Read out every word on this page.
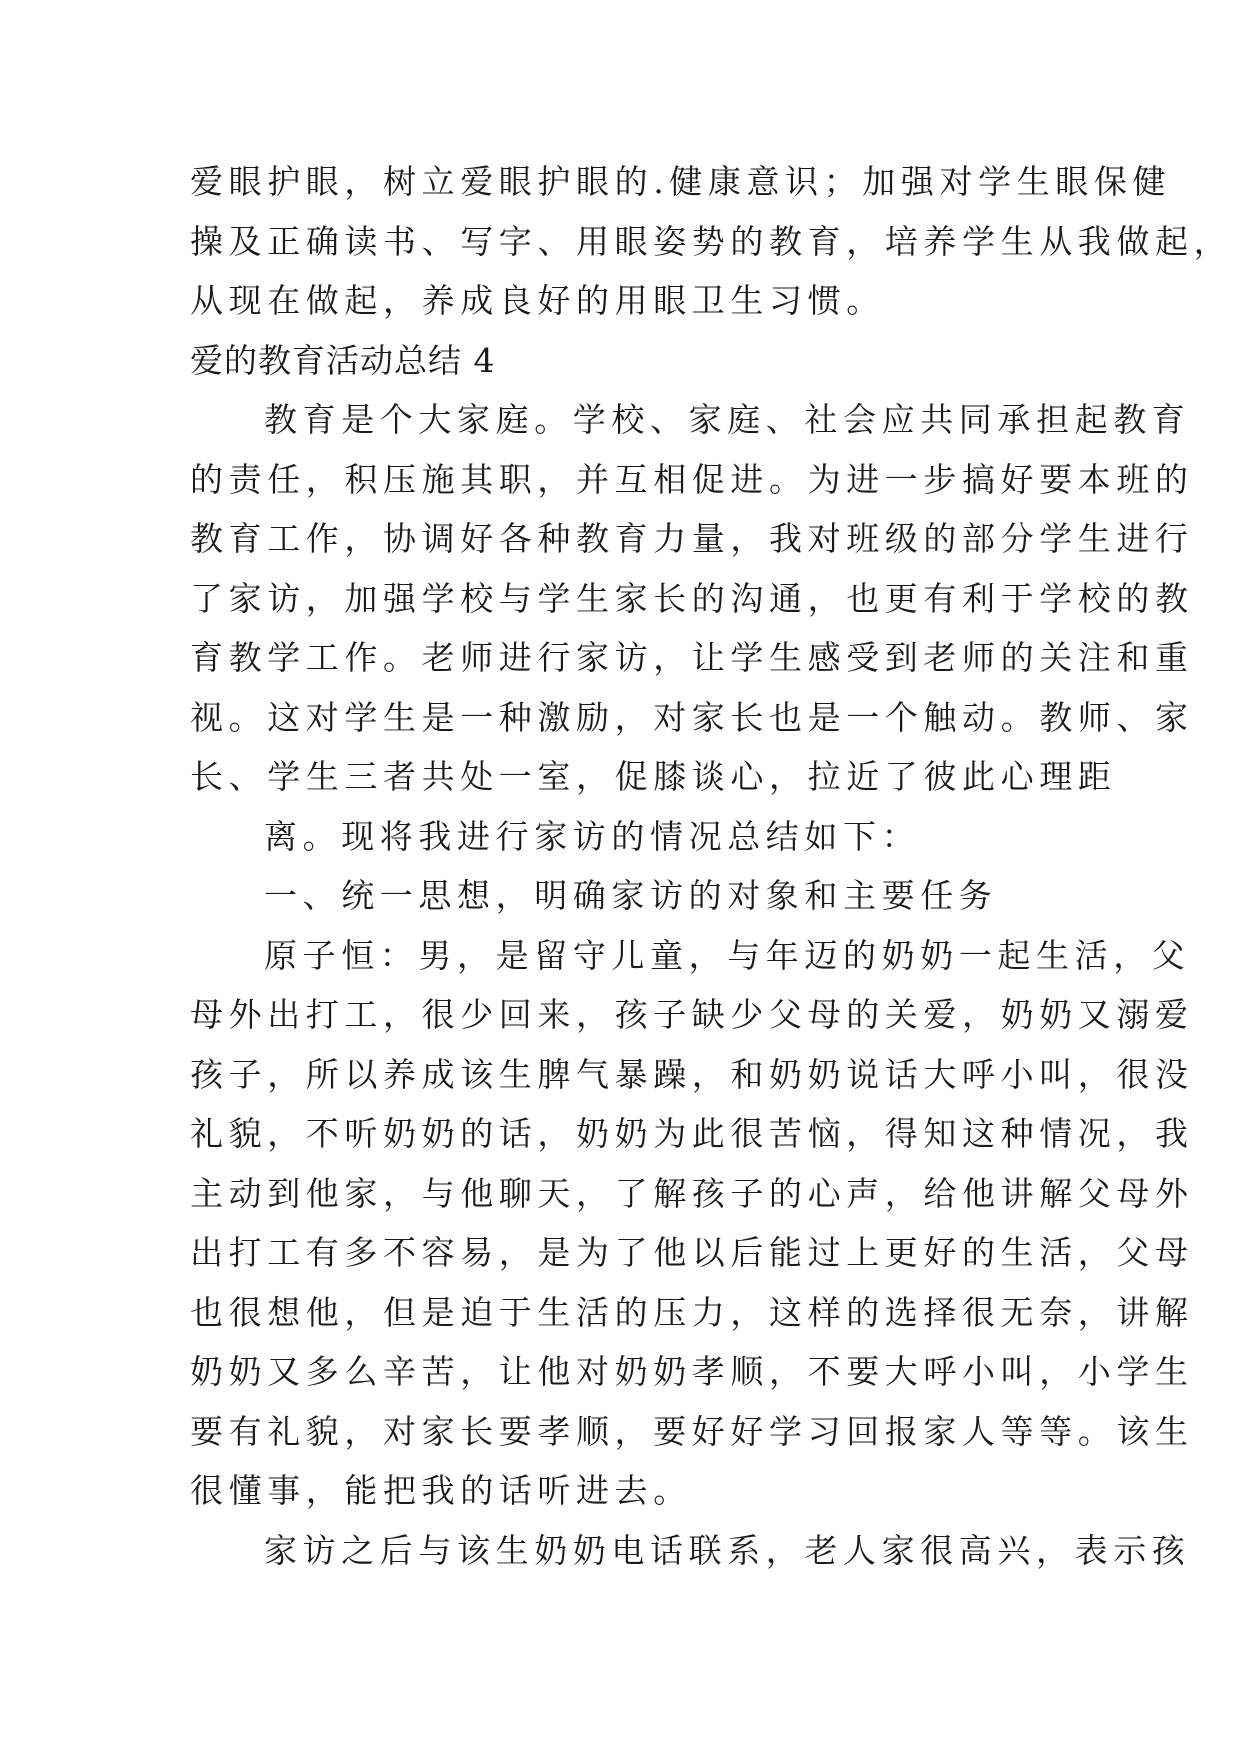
爱眼护眼，树立爱眼护眼的.健康意识；加强对学生眼保健
操及正确读书、写字、用眼姿势的教育，培养学生从我做起，
从现在做起，养成良好的用眼卫生习惯。
爱的教育活动总结 4
教育是个大家庭。学校、家庭、社会应共同承担起教育
的责任，积压施其职，并互相促进。为进一步搞好要本班的
教育工作，协调好各种教育力量，我对班级的部分学生进行
了家访，加强学校与学生家长的沟通，也更有利于学校的教
育教学工作。老师进行家访，让学生感受到老师的关注和重
视。这对学生是一种激励，对家长也是一个触动。教师、家
长、学生三者共处一室，促膝谈心，拉近了彼此心理距
离。现将我进行家访的情况总结如下：
一、统一思想，明确家访的对象和主要任务
原子恒：男，是留守儿童，与年迈的奶奶一起生活，父
母外出打工，很少回来，孩子缺少父母的关爱，奶奶又溺爱
孩子，所以养成该生脾气暴躁，和奶奶说话大呼小叫，很没
礼貌，不听奶奶的话，奶奶为此很苦恼，得知这种情况，我
主动到他家，与他聊天，了解孩子的心声，给他讲解父母外
出打工有多不容易，是为了他以后能过上更好的生活，父母
也很想他，但是迫于生活的压力，这样的选择很无奈，讲解
奶奶又多么辛苦，让他对奶奶孝顺，不要大呼小叫，小学生
要有礼貌，对家长要孝顺，要好好学习回报家人等等。该生
很懂事，能把我的话听进去。
家访之后与该生奶奶电话联系，老人家很高兴，表示孩
